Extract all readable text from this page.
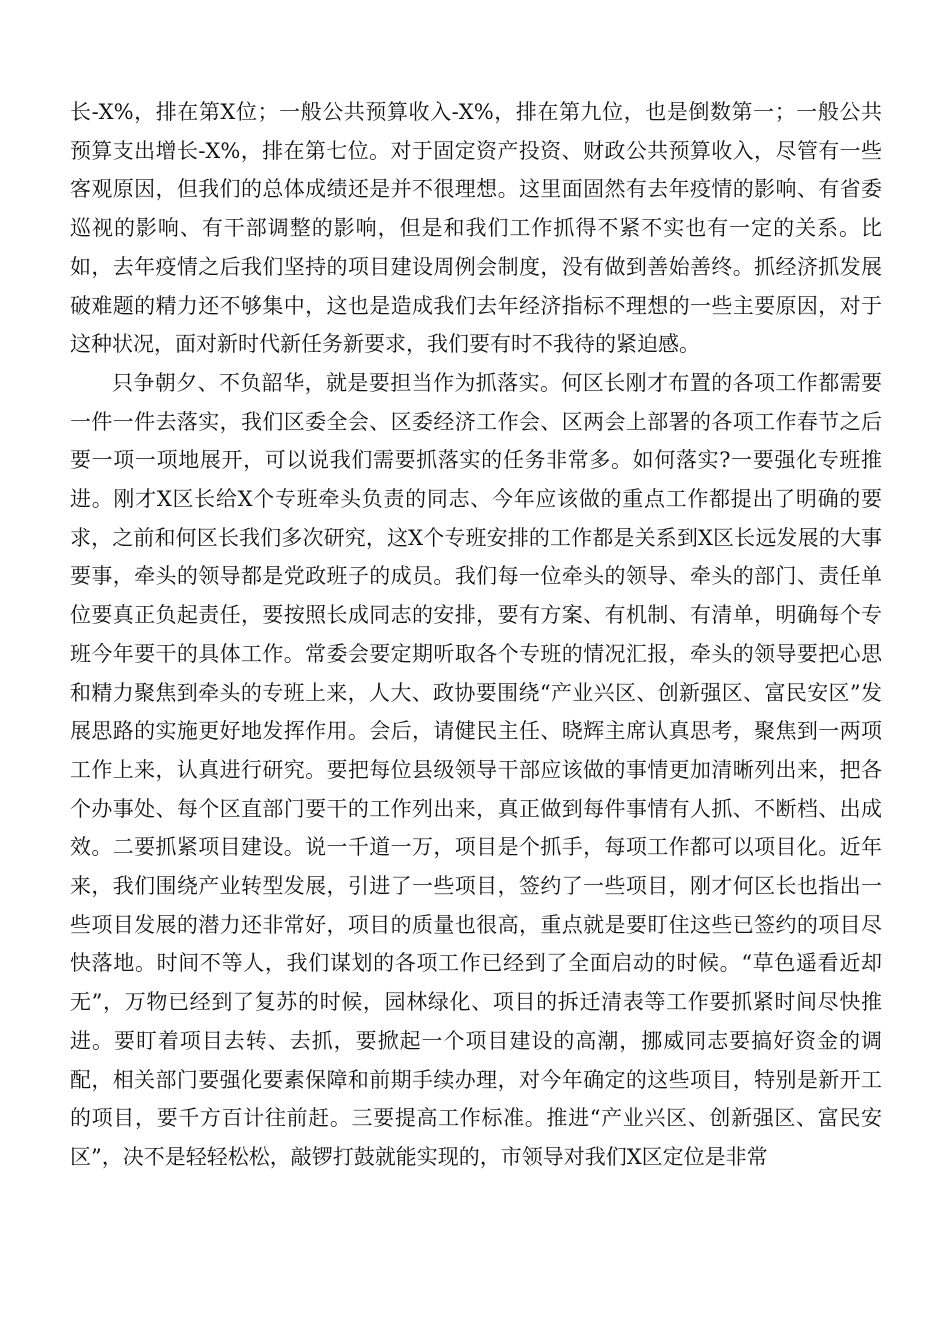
长-X%，排在第X位；一般公共预算收入-X%，排在第九位，也是倒数第一；一般公共预算支出增长-X%，排在第七位。对于固定资产投资、财政公共预算收入，尽管有一些客观原因，但我们的总体成绩还是并不很理想。这里面固然有去年疫情的影响、有省委巡视的影响、有干部调整的影响，但是和我们工作抓得不紧不实也有一定的关系。比如，去年疫情之后我们坚持的项目建设周例会制度，没有做到善始善终。抓经济抓发展破难题的精力还不够集中，这也是造成我们去年经济指标不理想的一些主要原因，对于这种状况，面对新时代新任务新要求，我们要有时不我待的紧迫感。

只争朝夕、不负韶华，就是要担当作为抓落实。何区长刚才布置的各项工作都需要一件一件去落实，我们区委全会、区委经济工作会、区两会上部署的各项工作春节之后要一项一项地展开，可以说我们需要抓落实的任务非常多。如何落实?一要强化专班推进。刚才X区长给X个专班牵头负责的同志、今年应该做的重点工作都提出了明确的要求，之前和何区长我们多次研究，这X个专班安排的工作都是关系到X区长远发展的大事要事，牵头的领导都是党政班子的成员。我们每一位牵头的领导、牵头的部门、责任单位要真正负起责任，要按照长成同志的安排，要有方案、有机制、有清单，明确每个专班今年要干的具体工作。常委会要定期听取各个专班的情况汇报，牵头的领导要把心思和精力聚焦到牵头的专班上来，人大、政协要围绕“产业兴区、创新强区、富民安区”发展思路的实施更好地发挥作用。会后，请健民主任、晓辉主席认真思考，聚焦到一两项工作上来，认真进行研究。要把每位县级领导干部应该做的事情更加清晰列出来，把各个办事处、每个区直部门要干的工作列出来，真正做到每件事情有人抓、不断档、出成效。二要抓紧项目建设。说一千道一万，项目是个抓手，每项工作都可以项目化。近年来，我们围绕产业转型发展，引进了一些项目，签约了一些项目，刚才何区长也指出一些项目发展的潜力还非常好，项目的质量也很高，重点就是要盯住这些已签约的项目尽快落地。时间不等人，我们谋划的各项工作已经到了全面启动的时候。“草色遥看近却无”，万物已经到了复苏的时候，园林绿化、项目的拆迁清表等工作要抓紧时间尽快推进。要盯着项目去转、去抓，要掀起一个项目建设的高潮，挪威同志要搞好资金的调配，相关部门要强化要素保障和前期手续办理，对今年确定的这些项目，特别是新开工的项目，要千方百计往前赶。三要提高工作标准。推进“产业兴区、创新强区、富民安区”，决不是轻轻松松，敲锣打鼓就能实现的，市领导对我们X区定位是非常
